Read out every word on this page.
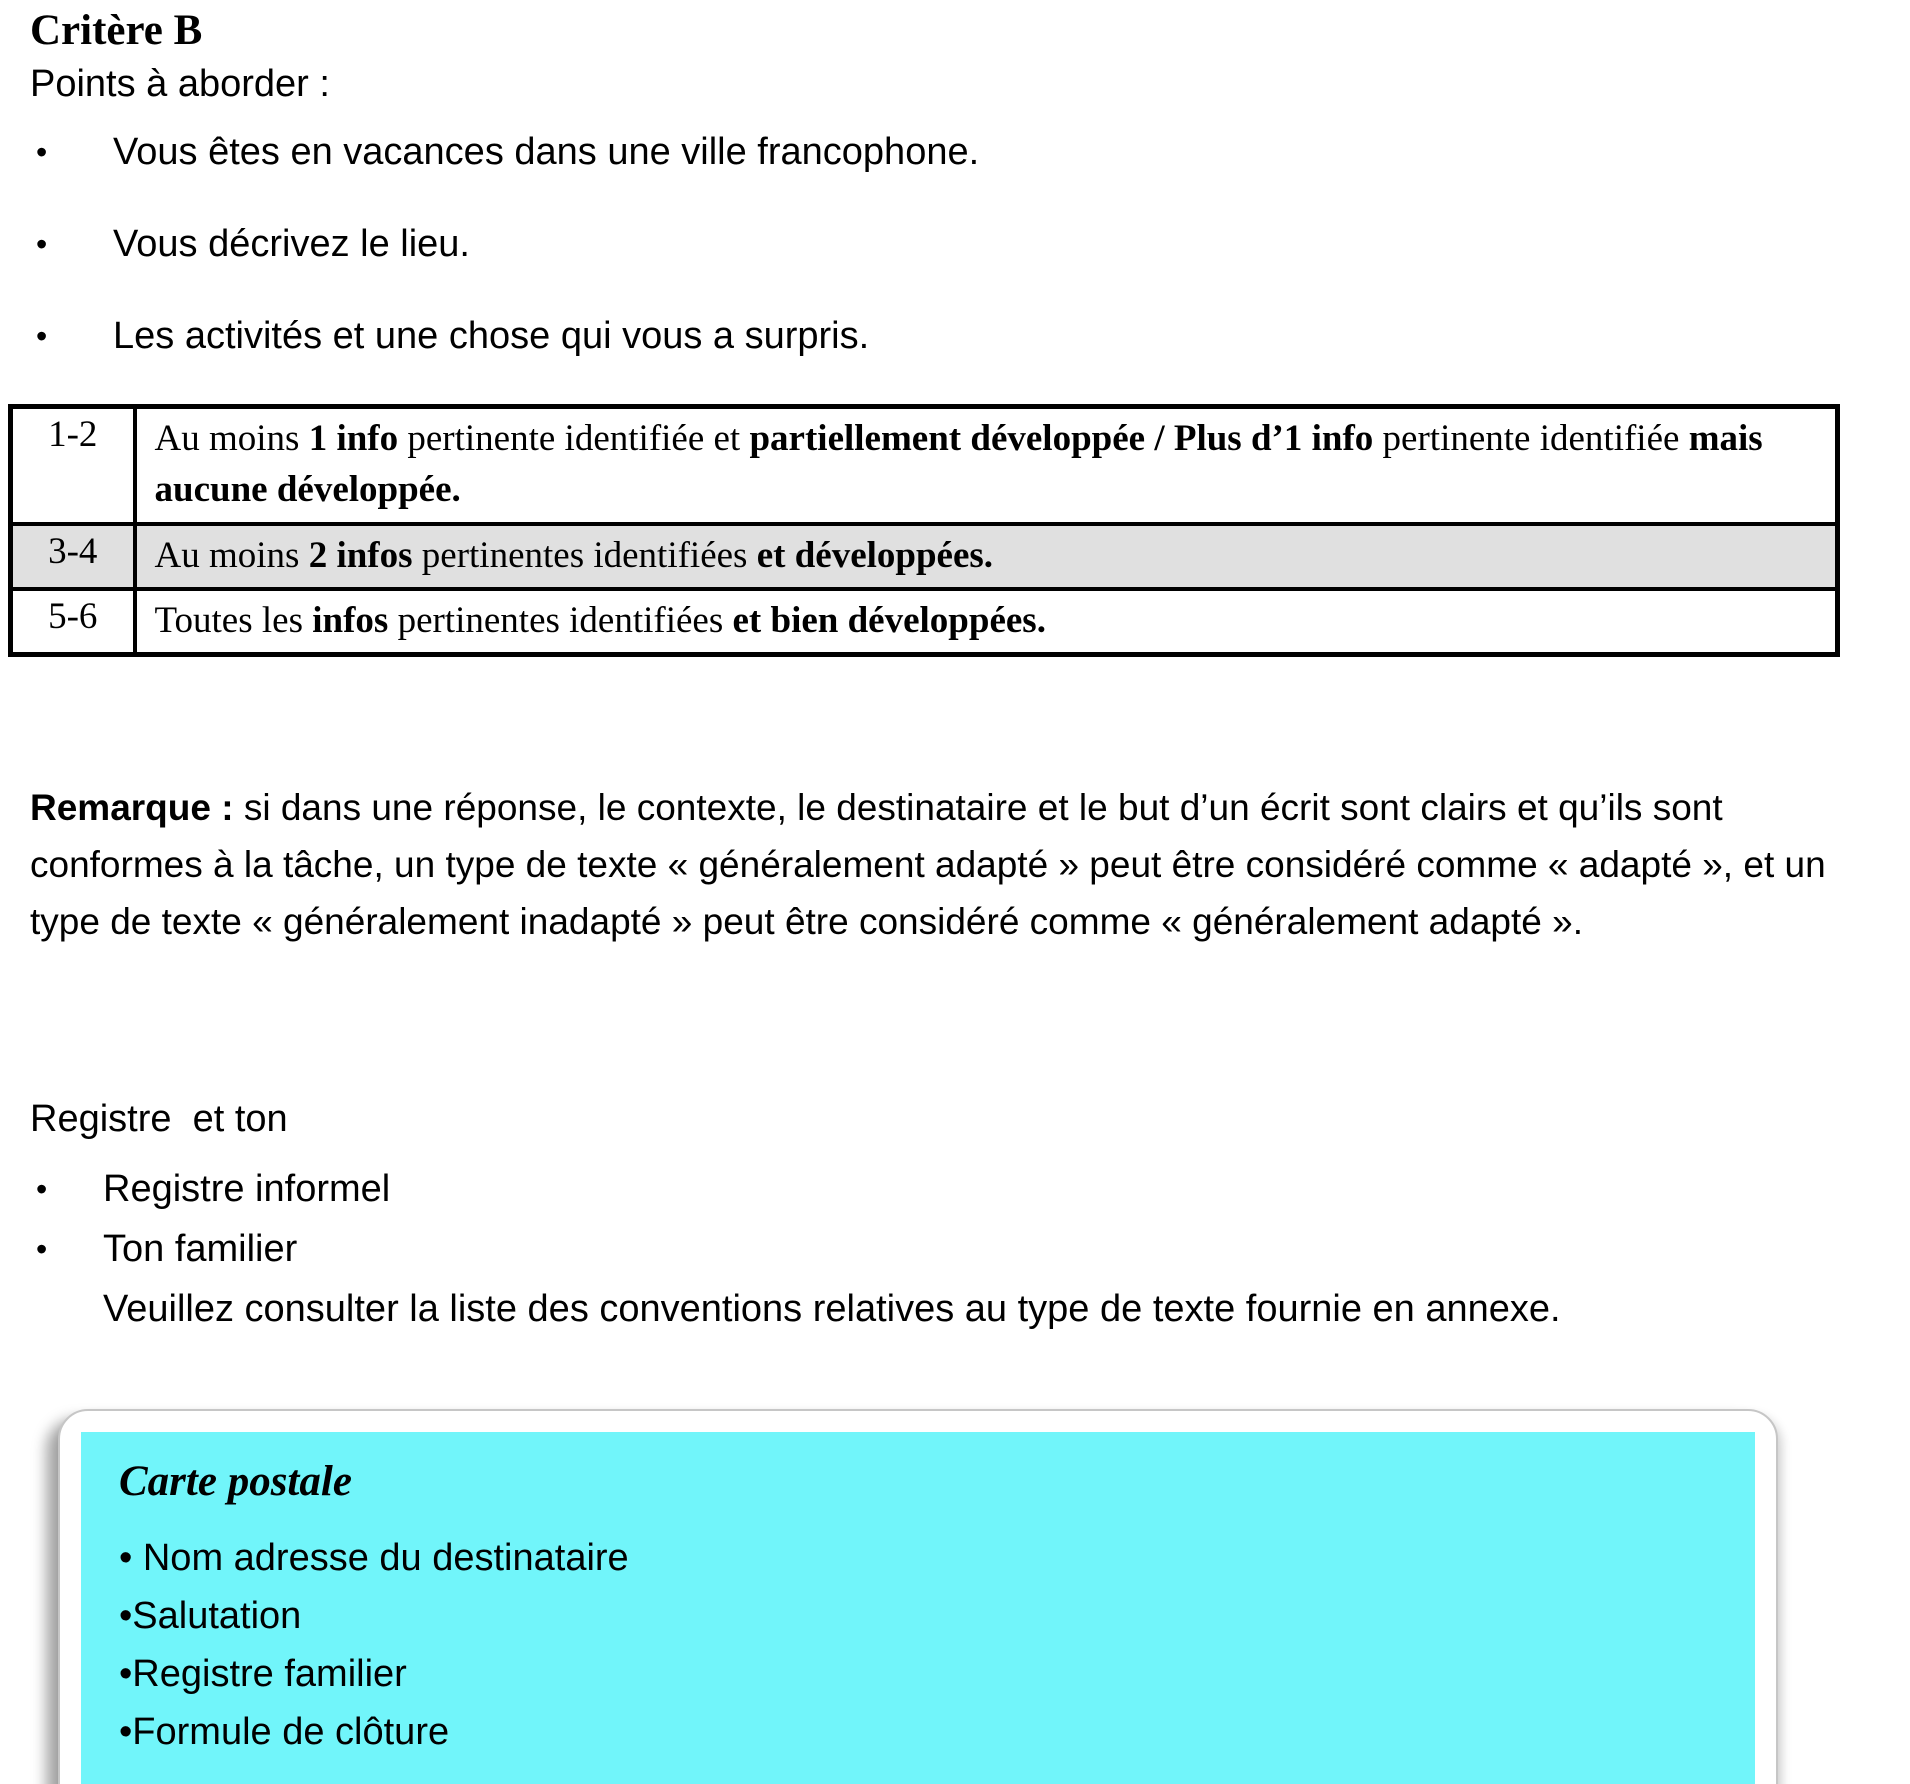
Critère B
Points à aborder :
•	Vous êtes en vacances dans une ville francophone.
•	Vous décrivez le lieu.
•	Les activités et une chose qui vous a surpris.
1-2	Au moins 1 info pertinente identifiée et partiellement développée / Plus d’1 info pertinente identifiée mais aucune développée.
3-4	Au moins 2 infos pertinentes identifiées et développées.
5-6	Toutes les infos pertinentes identifiées et bien développées.
Remarque : si dans une réponse, le contexte, le destinataire et le but d’un écrit sont clairs et qu’ils sont conformes à la tâche, un type de texte « généralement adapté » peut être considéré comme « adapté », et un type de texte « généralement inadapté » peut être considéré comme « généralement adapté ».
Registre  et ton
•	Registre informel
•	Ton familier
Veuillez consulter la liste des conventions relatives au type de texte fournie en annexe.
Carte postale
• Nom adresse du destinataire
•Salutation
•Registre familier
•Formule de clôture
